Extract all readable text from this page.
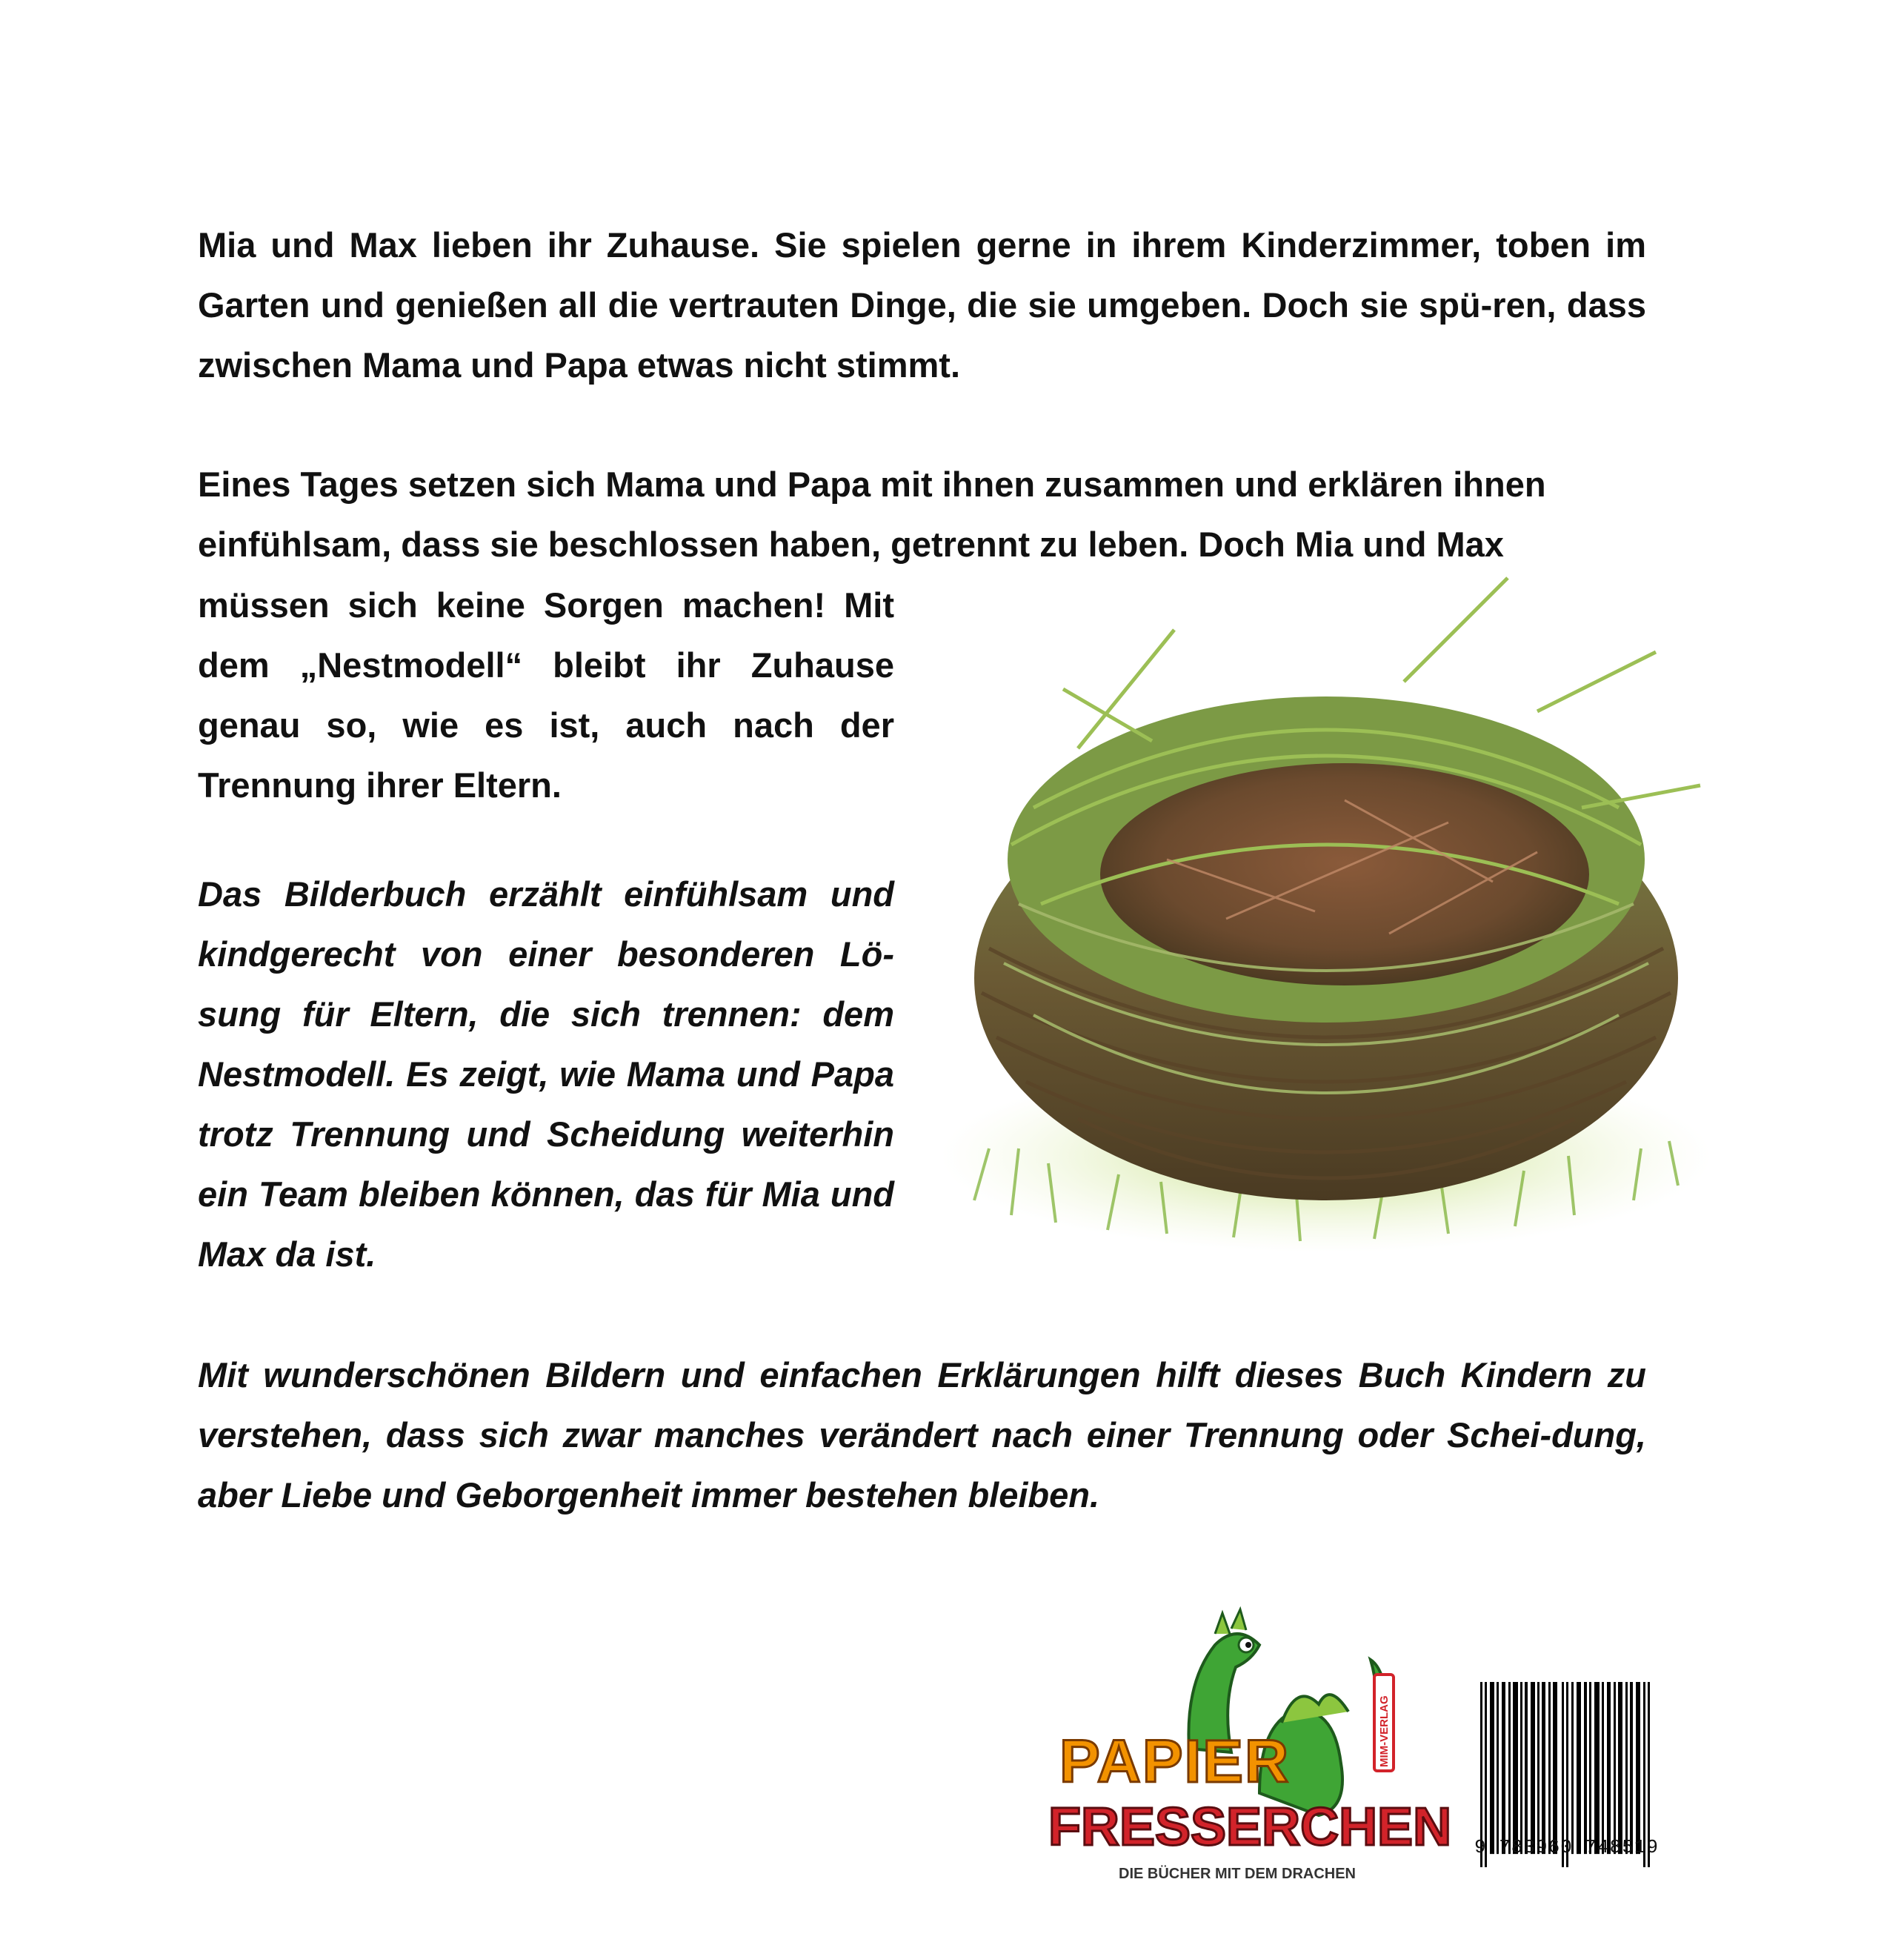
Mia und Max lieben ihr Zuhause. Sie spielen gerne in ihrem Kinderzimmer, toben im Garten und genießen all die vertrauten Dinge, die sie umgeben. Doch sie spü-ren, dass zwischen Mama und Papa etwas nicht stimmt.

Eines Tages setzen sich Mama und Papa mit ihnen zusammen und erklären ihnen
einfühlsam, dass sie beschlossen haben, getrennt zu leben. Doch Mia und Max

müssen sich keine Sorgen machen! Mit dem „Nestmodell“ bleibt ihr Zuhause genau so, wie es ist, auch nach der Trennung ihrer Eltern.

Das Bilderbuch erzählt einfühlsam und kindgerecht von einer besonderen Lö-sung für Eltern, die sich trennen: dem Nestmodell. Es zeigt, wie Mama und Papa trotz Trennung und Scheidung weiterhin ein Team bleiben können, das für Mia und Max da ist.

Mit wunderschönen Bildern und einfachen Erklärungen hilft dieses Buch Kindern zu verstehen, dass sich zwar manches verändert nach einer Trennung oder Schei-dung, aber Liebe und Geborgenheit immer bestehen bleiben.

MIM-VERLAG
PAPIER
FRESSERCHEN
DIE BÜCHER MIT DEM DRACHEN
9 783960 748519
